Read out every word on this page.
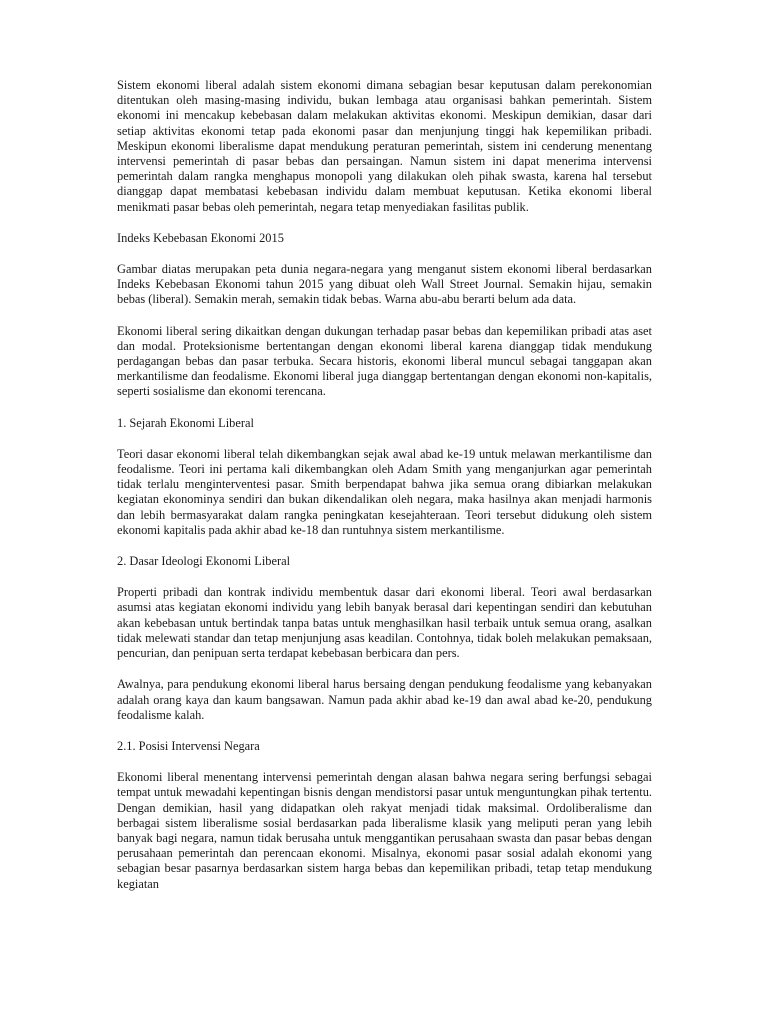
Sistem ekonomi liberal adalah sistem ekonomi dimana sebagian besar keputusan dalam perekonomian ditentukan oleh masing-masing individu, bukan lembaga atau organisasi bahkan pemerintah. Sistem ekonomi ini mencakup kebebasan dalam melakukan aktivitas ekonomi. Meskipun demikian, dasar dari setiap aktivitas ekonomi tetap pada ekonomi pasar dan menjunjung tinggi hak kepemilikan pribadi. Meskipun ekonomi liberalisme dapat mendukung peraturan pemerintah, sistem ini cenderung menentang intervensi pemerintah di pasar bebas dan persaingan. Namun sistem ini dapat menerima intervensi pemerintah dalam rangka menghapus monopoli yang dilakukan oleh pihak swasta, karena hal tersebut dianggap dapat membatasi kebebasan individu dalam membuat keputusan. Ketika ekonomi liberal menikmati pasar bebas oleh pemerintah, negara tetap menyediakan fasilitas publik.

Indeks Kebebasan Ekonomi 2015

Gambar diatas merupakan peta dunia negara-negara yang menganut sistem ekonomi liberal berdasarkan Indeks Kebebasan Ekonomi tahun 2015 yang dibuat oleh Wall Street Journal. Semakin hijau, semakin bebas (liberal). Semakin merah, semakin tidak bebas. Warna abu-abu berarti belum ada data.

Ekonomi liberal sering dikaitkan dengan dukungan terhadap pasar bebas dan kepemilikan pribadi atas aset dan modal. Proteksionisme bertentangan dengan ekonomi liberal karena dianggap tidak mendukung perdagangan bebas dan pasar terbuka. Secara historis, ekonomi liberal muncul sebagai tanggapan akan merkantilisme dan feodalisme. Ekonomi liberal juga dianggap bertentangan dengan ekonomi non-kapitalis, seperti sosialisme dan ekonomi terencana.

1. Sejarah Ekonomi Liberal

Teori dasar ekonomi liberal telah dikembangkan sejak awal abad ke-19 untuk melawan merkantilisme dan feodalisme. Teori ini pertama kali dikembangkan oleh Adam Smith yang menganjurkan agar pemerintah tidak terlalu menginterventesi pasar. Smith berpendapat bahwa jika semua orang dibiarkan melakukan kegiatan ekonominya sendiri dan bukan dikendalikan oleh negara, maka hasilnya akan menjadi harmonis dan lebih bermasyarakat dalam rangka peningkatan kesejahteraan. Teori tersebut didukung oleh sistem ekonomi kapitalis pada akhir abad ke-18 dan runtuhnya sistem merkantilisme.

2. Dasar Ideologi Ekonomi Liberal

Properti pribadi dan kontrak individu membentuk dasar dari ekonomi liberal. Teori awal berdasarkan asumsi atas kegiatan ekonomi individu yang lebih banyak berasal dari kepentingan sendiri dan kebutuhan akan kebebasan untuk bertindak tanpa batas untuk menghasilkan hasil terbaik untuk semua orang, asalkan tidak melewati standar dan tetap menjunjung asas keadilan. Contohnya, tidak boleh melakukan pemaksaan, pencurian, dan penipuan serta terdapat kebebasan berbicara dan pers.

Awalnya, para pendukung ekonomi liberal harus bersaing dengan pendukung feodalisme yang kebanyakan adalah orang kaya dan kaum bangsawan. Namun pada akhir abad ke-19 dan awal abad ke-20, pendukung feodalisme kalah.

2.1. Posisi Intervensi Negara

Ekonomi liberal menentang intervensi pemerintah dengan alasan bahwa negara sering berfungsi sebagai tempat untuk mewadahi kepentingan bisnis dengan mendistorsi pasar untuk menguntungkan pihak tertentu. Dengan demikian, hasil yang didapatkan oleh rakyat menjadi tidak maksimal. Ordoliberalisme dan berbagai sistem liberalisme sosial berdasarkan pada liberalisme klasik yang meliputi peran yang lebih banyak bagi negara, namun tidak berusaha untuk menggantikan perusahaan swasta dan pasar bebas dengan perusahaan pemerintah dan perencaan ekonomi. Misalnya, ekonomi pasar sosial adalah ekonomi yang sebagian besar pasarnya berdasarkan sistem harga bebas dan kepemilikan pribadi, tetap tetap mendukung kegiatan
